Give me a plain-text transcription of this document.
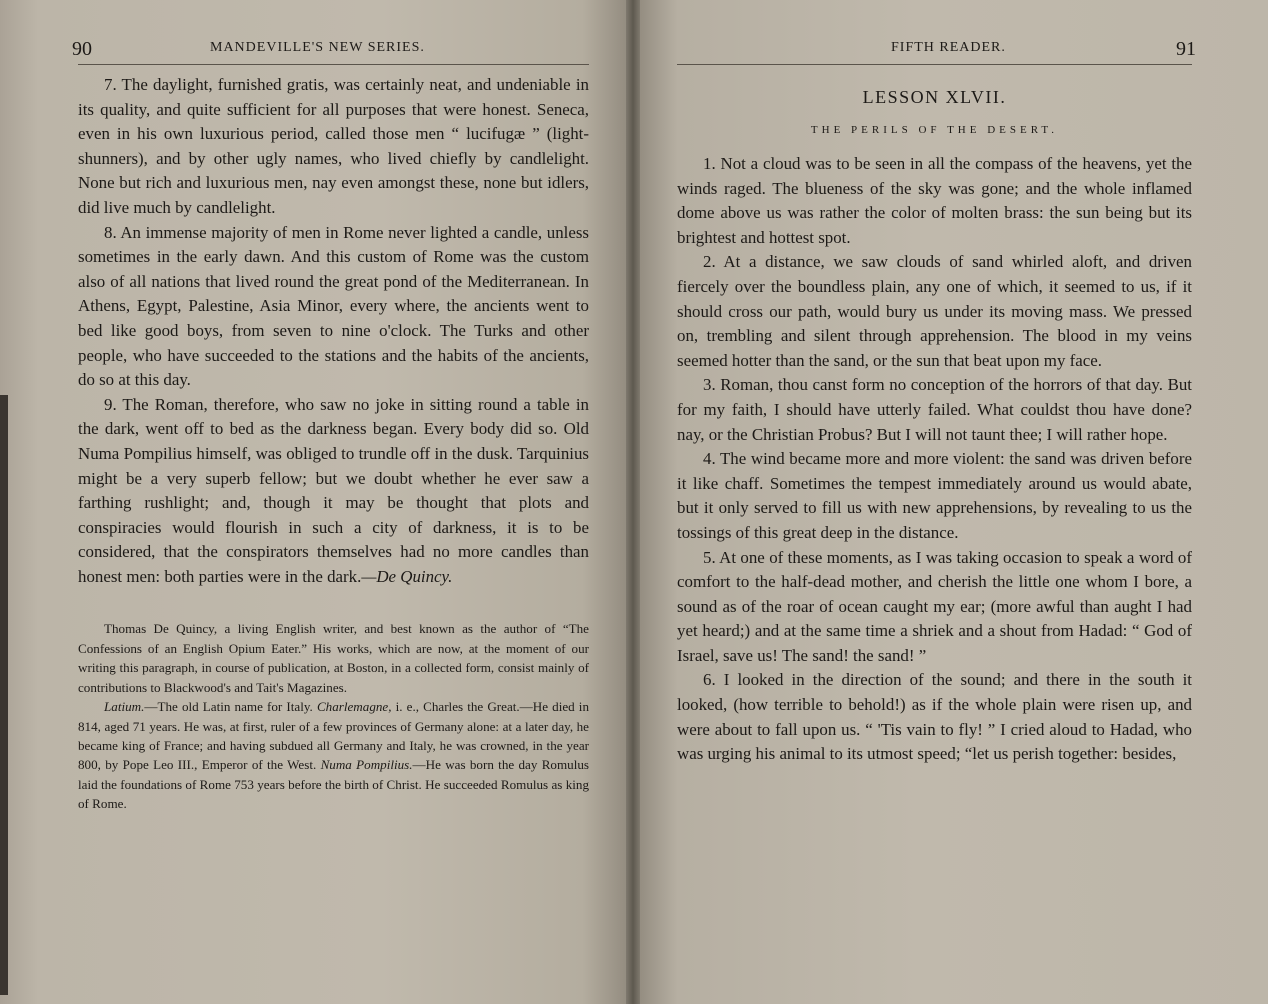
90	MANDEVILLE'S NEW SERIES.

7. The daylight, furnished gratis, was certainly neat, and undeniable in its quality, and quite sufficient for all purposes that were honest. Seneca, even in his own luxurious period, called those men “ lucifugæ ” (light-shunners), and by other ugly names, who lived chiefly by candlelight. None but rich and luxurious men, nay even amongst these, none but idlers, did live much by candlelight.

8. An immense majority of men in Rome never lighted a candle, unless sometimes in the early dawn. And this custom of Rome was the custom also of all nations that lived round the great pond of the Mediterranean. In Athens, Egypt, Palestine, Asia Minor, every where, the ancients went to bed like good boys, from seven to nine o'clock. The Turks and other people, who have succeeded to the stations and the habits of the ancients, do so at this day.

9. The Roman, therefore, who saw no joke in sitting round a table in the dark, went off to bed as the darkness began. Every body did so. Old Numa Pompilius himself, was obliged to trundle off in the dusk. Tarquinius might be a very superb fellow; but we doubt whether he ever saw a farthing rushlight; and, though it may be thought that plots and conspiracies would flourish in such a city of darkness, it is to be considered, that the conspirators themselves had no more candles than honest men: both parties were in the dark.—De Quincy.

Thomas De Quincy, a living English writer, and best known as the author of “The Confessions of an English Opium Eater.” His works, which are now, at the moment of our writing this paragraph, in course of publication, at Boston, in a collected form, consist mainly of contributions to Blackwood's and Tait's Magazines.

Latium.—The old Latin name for Italy. Charlemagne, i. e., Charles the Great.—He died in 814, aged 71 years. He was, at first, ruler of a few provinces of Germany alone: at a later day, he became king of France; and having subdued all Germany and Italy, he was crowned, in the year 800, by Pope Leo III., Emperor of the West. Numa Pompilius.—He was born the day Romulus laid the foundations of Rome 753 years before the birth of Christ. He succeeded Romulus as king of Rome.

FIFTH READER.	91
LESSON XLVII.
THE PERILS OF THE DESERT.

1. Not a cloud was to be seen in all the compass of the heavens, yet the winds raged. The blueness of the sky was gone; and the whole inflamed dome above us was rather the color of molten brass: the sun being but its brightest and hottest spot.

2. At a distance, we saw clouds of sand whirled aloft, and driven fiercely over the boundless plain, any one of which, it seemed to us, if it should cross our path, would bury us under its moving mass. We pressed on, trembling and silent through apprehension. The blood in my veins seemed hotter than the sand, or the sun that beat upon my face.

3. Roman, thou canst form no conception of the horrors of that day. But for my faith, I should have utterly failed. What couldst thou have done? nay, or the Christian Probus? But I will not taunt thee; I will rather hope.

4. The wind became more and more violent: the sand was driven before it like chaff. Sometimes the tempest immediately around us would abate, but it only served to fill us with new apprehensions, by revealing to us the tossings of this great deep in the distance.

5. At one of these moments, as I was taking occasion to speak a word of comfort to the half-dead mother, and cherish the little one whom I bore, a sound as of the roar of ocean caught my ear; (more awful than aught I had yet heard;) and at the same time a shriek and a shout from Hadad: “ God of Israel, save us! The sand! the sand! ”

6. I looked in the direction of the sound; and there in the south it looked, (how terrible to behold!) as if the whole plain were risen up, and were about to fall upon us. “ 'Tis vain to fly! ” I cried aloud to Hadad, who was urging his animal to its utmost speed; “let us perish together: besides,
